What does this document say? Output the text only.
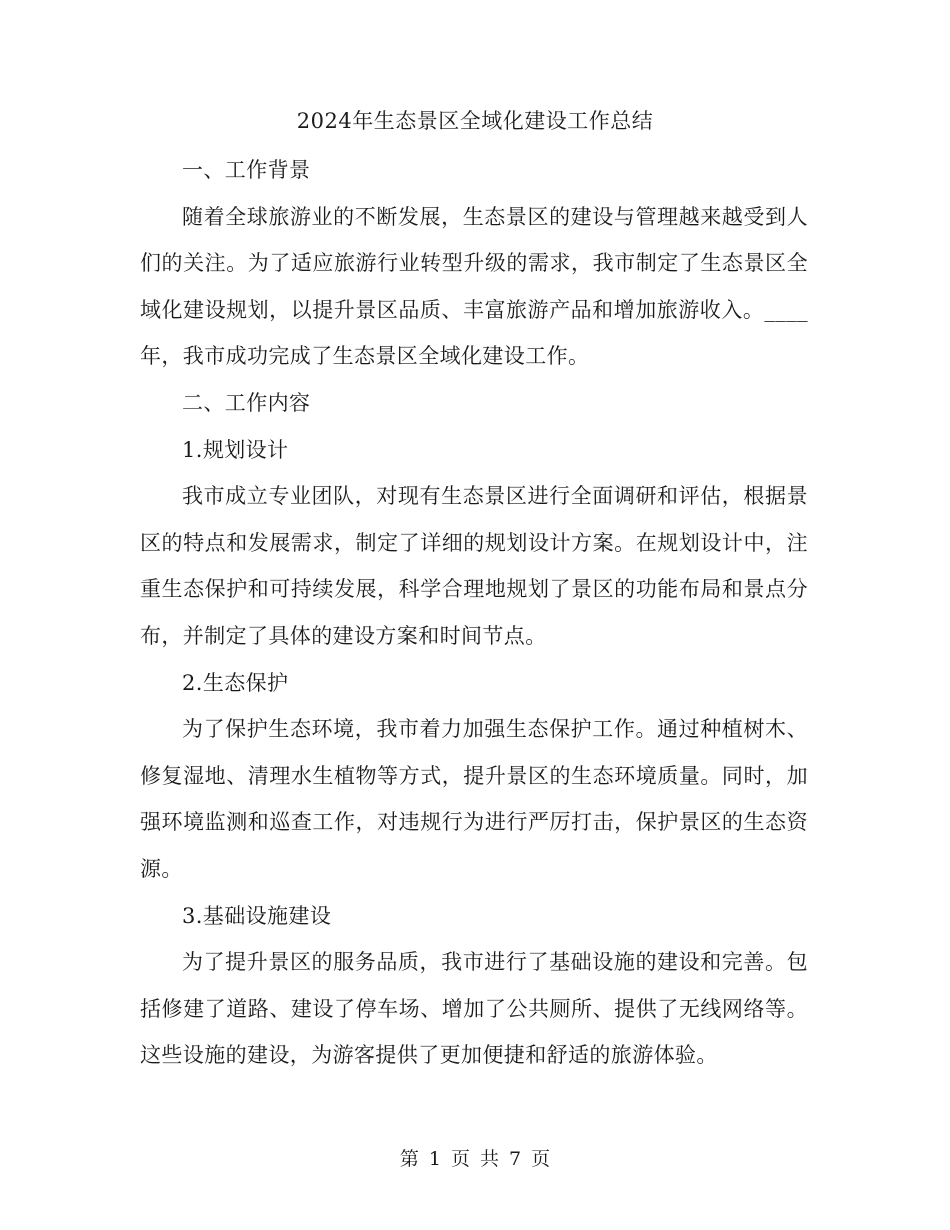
2024年生态景区全域化建设工作总结

一、工作背景

随着全球旅游业的不断发展，生态景区的建设与管理越来越受到人们的关注。为了适应旅游行业转型升级的需求，我市制定了生态景区全域化建设规划，以提升景区品质、丰富旅游产品和增加旅游收入。____年，我市成功完成了生态景区全域化建设工作。

二、工作内容

1.规划设计

我市成立专业团队，对现有生态景区进行全面调研和评估，根据景区的特点和发展需求，制定了详细的规划设计方案。在规划设计中，注重生态保护和可持续发展，科学合理地规划了景区的功能布局和景点分布，并制定了具体的建设方案和时间节点。

2.生态保护

为了保护生态环境，我市着力加强生态保护工作。通过种植树木、修复湿地、清理水生植物等方式，提升景区的生态环境质量。同时，加强环境监测和巡查工作，对违规行为进行严厉打击，保护景区的生态资源。

3.基础设施建设

为了提升景区的服务品质，我市进行了基础设施的建设和完善。包括修建了道路、建设了停车场、增加了公共厕所、提供了无线网络等。这些设施的建设，为游客提供了更加便捷和舒适的旅游体验。

第 1 页 共 7 页
